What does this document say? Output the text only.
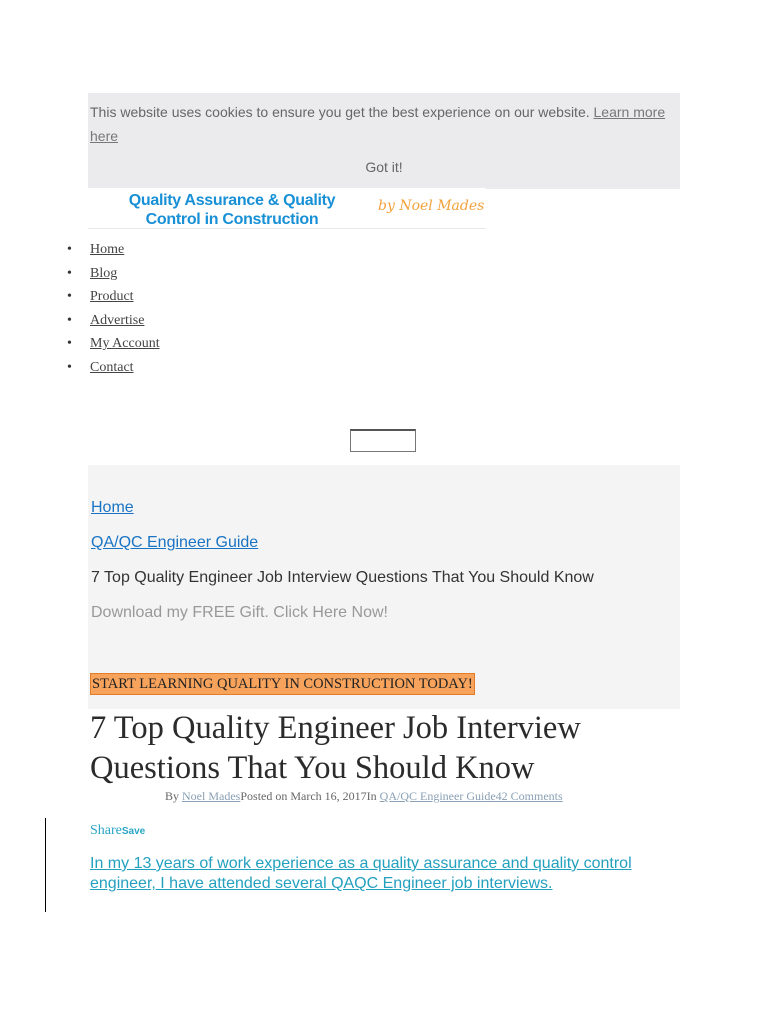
This website uses cookies to ensure you get the best experience on our website. Learn more here
Got it!
Quality Assurance & Quality
Control in Construction
by Noel Mades
• Home
• Blog
• Product
• Advertise
• My Account
• Contact
Home
QA/QC Engineer Guide
7 Top Quality Engineer Job Interview Questions That You Should Know
Download my FREE Gift. Click Here Now!
START LEARNING QUALITY IN CONSTRUCTION TODAY!
7 Top Quality Engineer Job Interview Questions That You Should Know
By Noel MadesPosted on March 16, 2017In QA/QC Engineer Guide42 Comments
ShareSave

In my 13 years of work experience as a quality assurance and quality control engineer, I have attended several QAQC Engineer job interviews.
